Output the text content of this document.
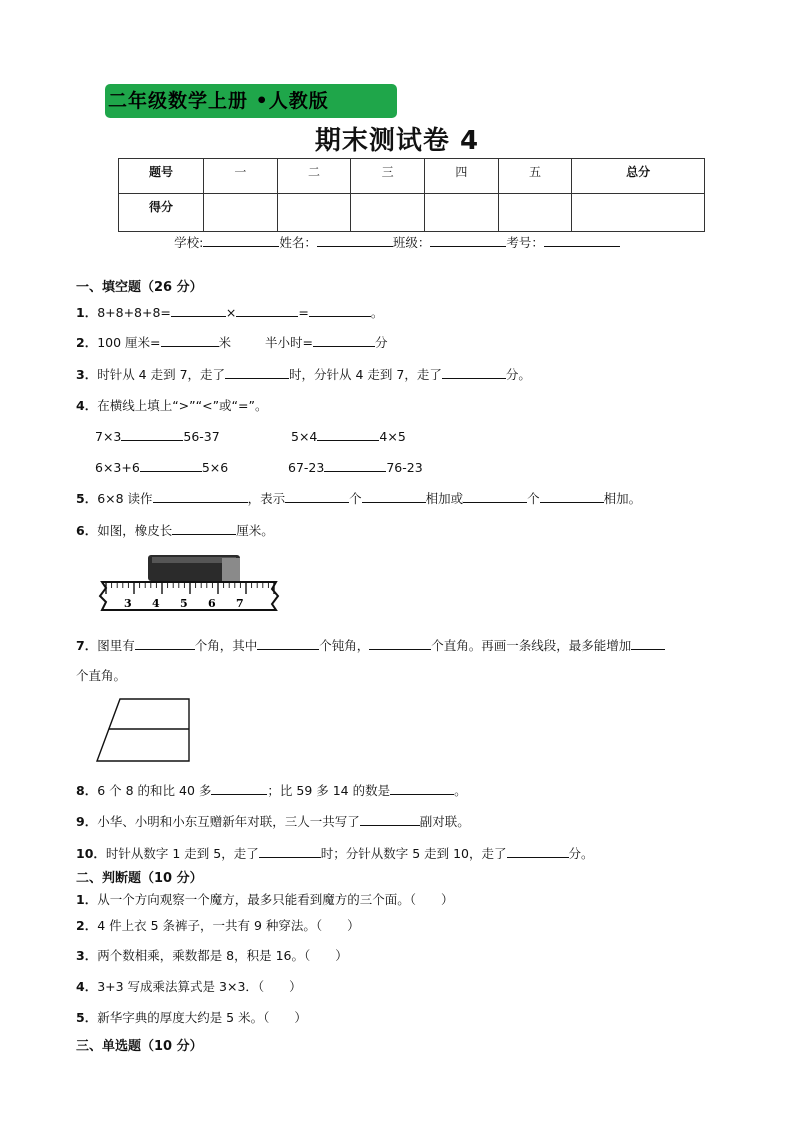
二年级数学上册 •人教版
期末测试卷 4
题号	一	二	三	四	五	总分
得分						
学校:	姓名：	班级：	考号：
一、填空题（26 分）
1．8+8+8+8=	×	=	。
2．100 厘米=	米	半小时=	分
3．时针从 4 走到 7，走了	时，分针从 4 走到 7，走了	分。
4．在横线上填上“>”“<”或“=”。
7×3	56-37	5×4	4×5
6×3+6	5×6	67-23	76-23
5．6×8 读作	，表示	个	相加或	个	相加。
6．如图，橡皮长	厘米。
3 4 5 6 7
7．图里有	个角，其中	个钝角，	个直角。再画一条线段，最多能增加
个直角。
8．6 个 8 的和比 40 多	；比 59 多 14 的数是	。
9．小华、小明和小东互赠新年对联，三人一共写了	副对联。
10．时针从数字 1 走到 5，走了	时；分针从数字 5 走到 10，走了	分。
二、判断题（10 分）
1．从一个方向观察一个魔方，最多只能看到魔方的三个面。（　　）
2．4 件上衣 5 条裤子，一共有 9 种穿法。（　　）
3．两个数相乘，乘数都是 8，积是 16。（　　）
4．3+3 写成乘法算式是 3×3．（　　）
5．新华字典的厚度大约是 5 米。（　　）
三、单选题（10 分）
